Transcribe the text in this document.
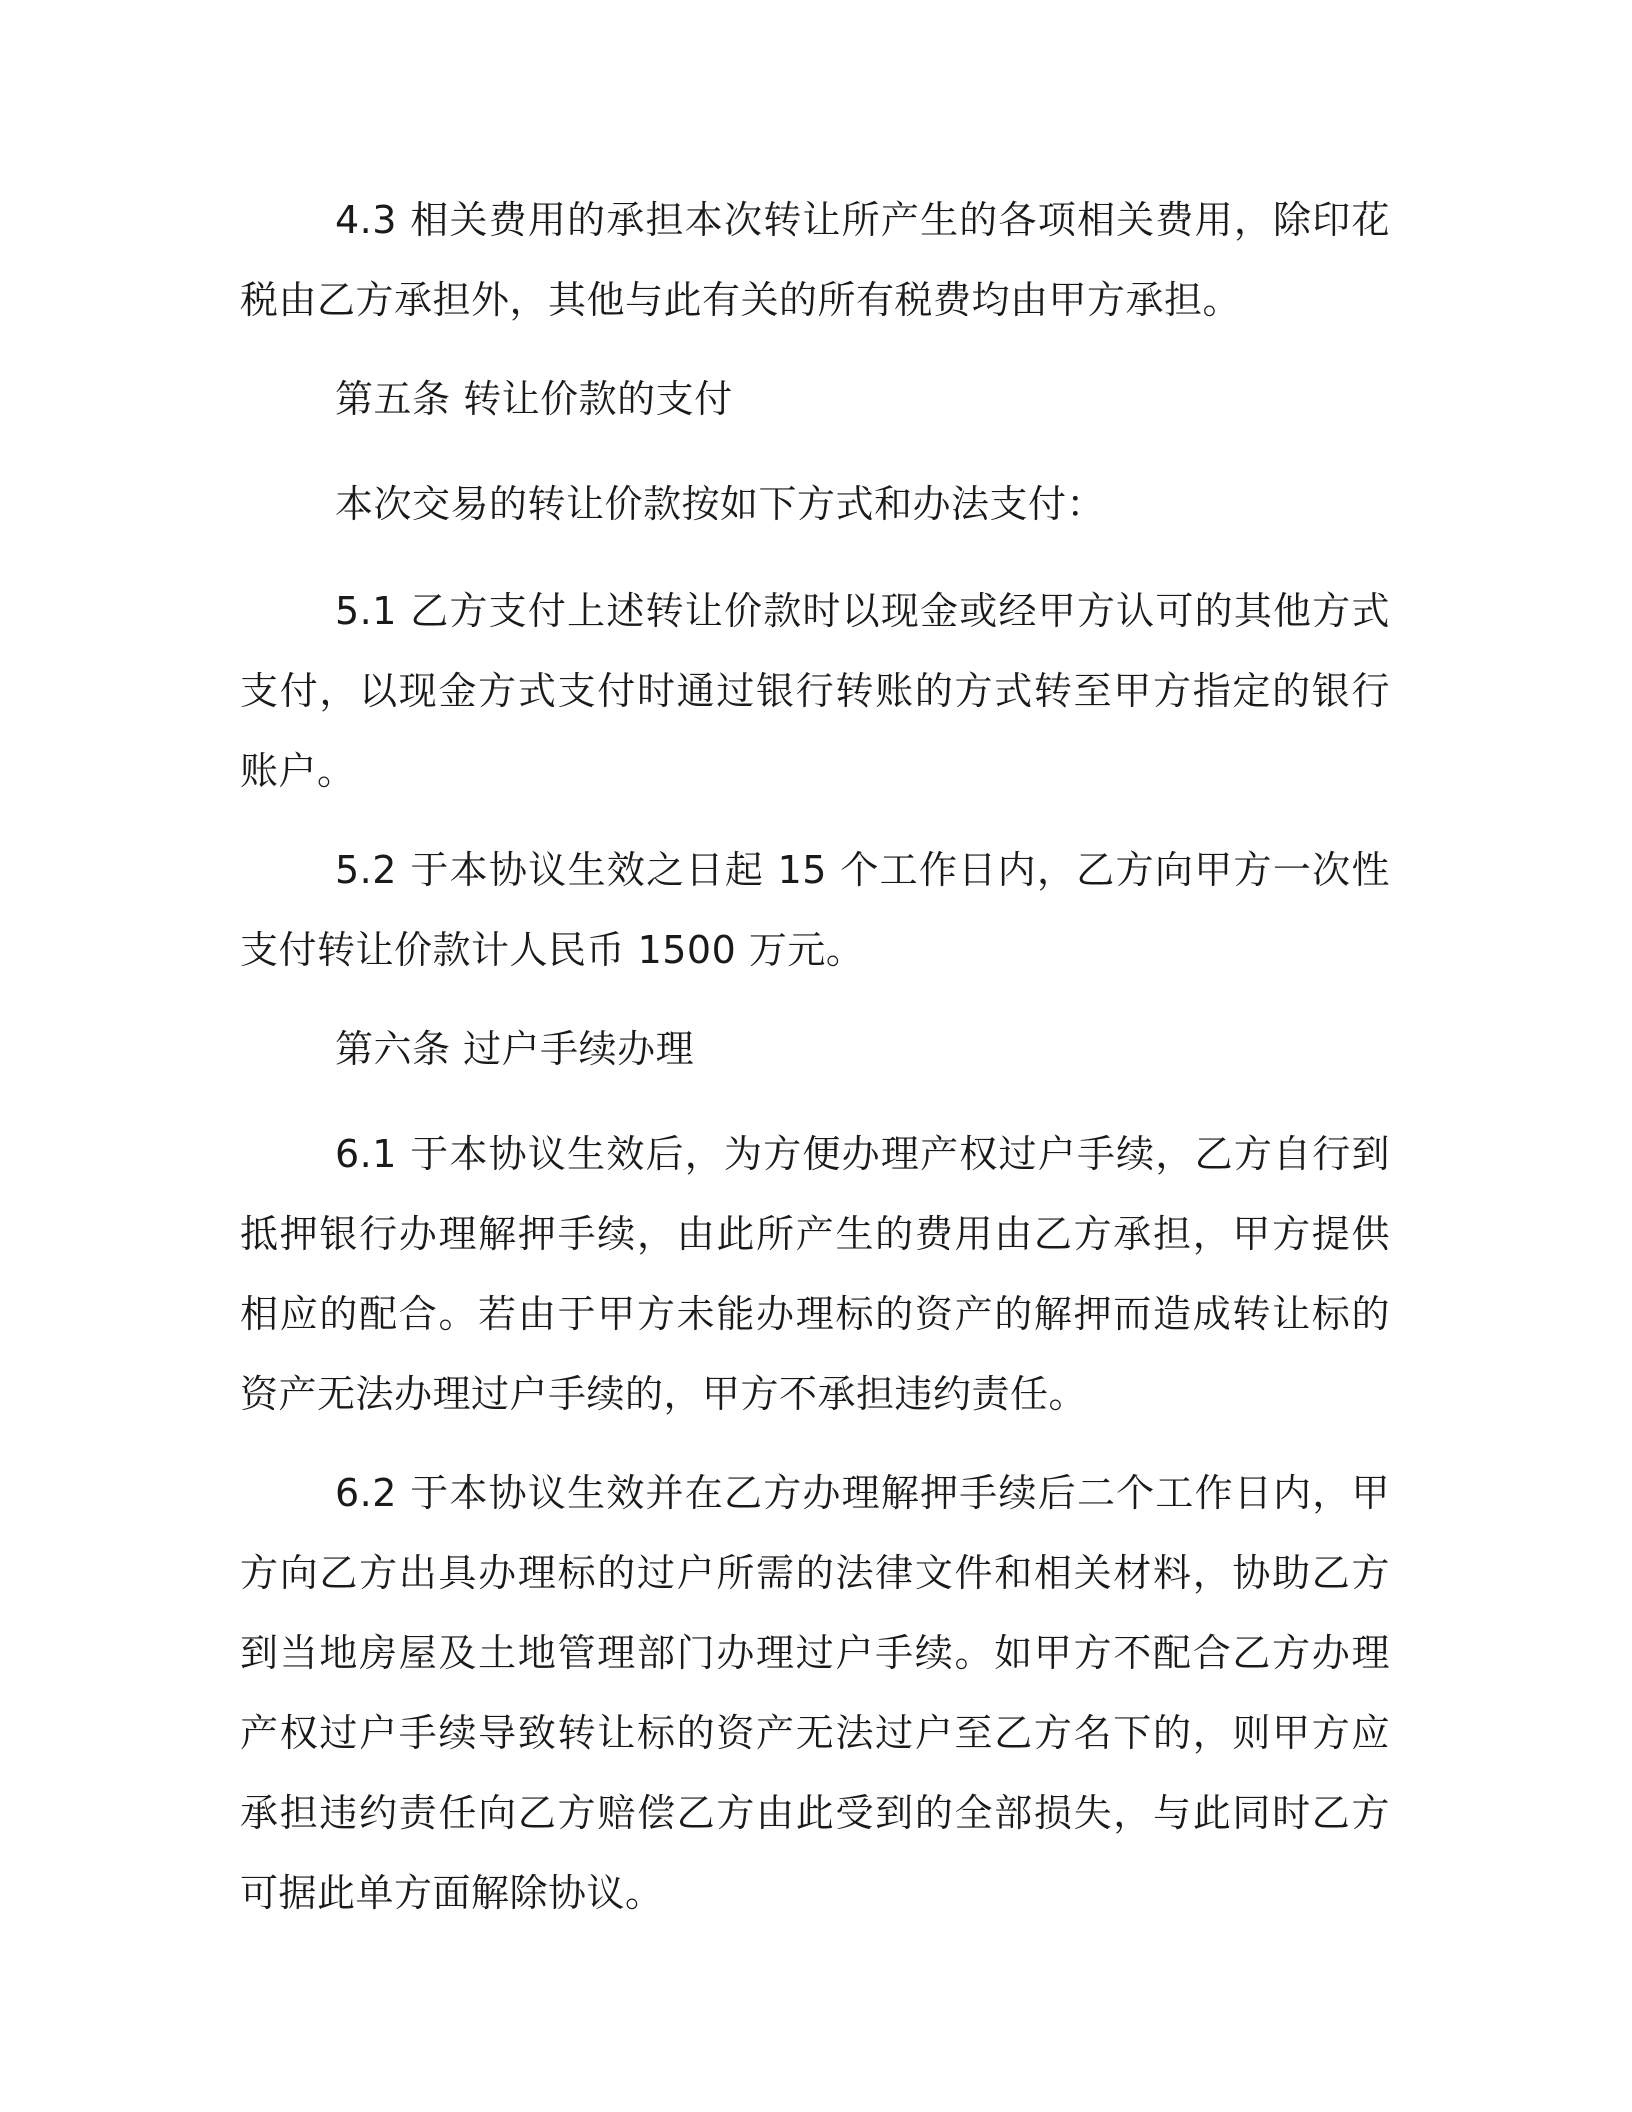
4.3 相关费用的承担本次转让所产生的各项相关费用，除印花税由乙方承担外，其他与此有关的所有税费均由甲方承担。

第五条 转让价款的支付

本次交易的转让价款按如下方式和办法支付：

5.1 乙方支付上述转让价款时以现金或经甲方认可的其他方式支付，以现金方式支付时通过银行转账的方式转至甲方指定的银行账户。

5.2 于本协议生效之日起 15 个工作日内，乙方向甲方一次性支付转让价款计人民币 1500 万元。

第六条 过户手续办理

6.1 于本协议生效后，为方便办理产权过户手续，乙方自行到抵押银行办理解押手续，由此所产生的费用由乙方承担，甲方提供相应的配合。若由于甲方未能办理标的资产的解押而造成转让标的资产无法办理过户手续的，甲方不承担违约责任。

6.2 于本协议生效并在乙方办理解押手续后二个工作日内，甲方向乙方出具办理标的过户所需的法律文件和相关材料，协助乙方到当地房屋及土地管理部门办理过户手续。如甲方不配合乙方办理产权过户手续导致转让标的资产无法过户至乙方名下的，则甲方应承担违约责任向乙方赔偿乙方由此受到的全部损失，与此同时乙方可据此单方面解除协议。
